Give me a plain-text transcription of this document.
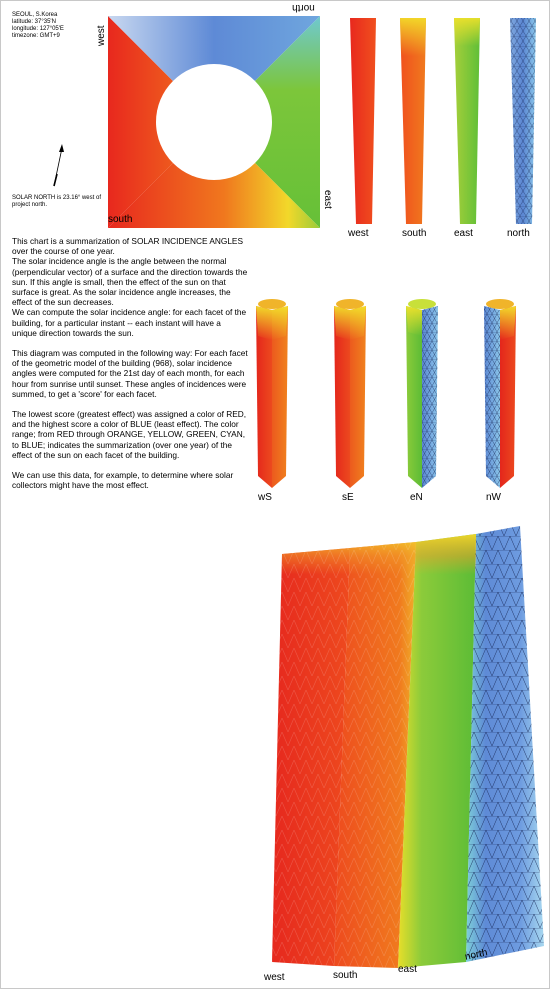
SEOUL, S.Korea
latitude: 37°35'N
longitude: 127°05'E
timezone: GMT+9
SOLAR NORTH is 23.16° west of project north.
west
north
south
east
west	south	east	north
wS	sE	eN	nW

This chart is a summarization of SOLAR INCIDENCE ANGLES over the course of one year.
The solar incidence angle is the angle between the normal (perpendicular vector) of a surface and the direction towards the sun. If this angle is small, then the effect of the sun on that surface is great. As the solar incidence angle increases, the effect of the sun decreases.
We can compute the solar incidence angle: for each facet of the building, for a particular instant -- each instant will have a unique direction towards the sun.

This diagram was computed in the following way: For each facet of the geometric model of the building (968), solar incidence angles were computed for the 21st day of each month, for each hour from sunrise until sunset. These angles of incidences were summed, to get a 'score' for each facet.

The lowest score (greatest effect) was assigned a color of RED, and the highest score a color of BLUE (least effect). The color range; from RED through ORANGE, YELLOW, GREEN, CYAN, to BLUE; indicates the summarization (over one year) of the effect of the sun on each facet of the building.

We can use this data, for example, to determine where solar collectors might have the most effect.

west	south
east
north
